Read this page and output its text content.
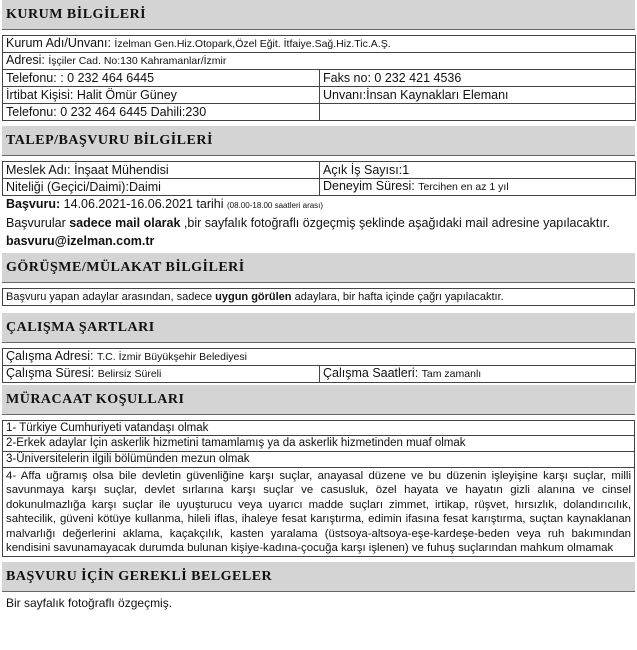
KURUM BİLGİLERİ
Kurum Adı/Unvanı: İzelman Gen.Hiz.Otopark,Özel Eğit. İtfaiye.Sağ.Hiz.Tic.A.Ş.	
Adresi: İşçiler Cad. No:130 Kahramanlar/İzmir	
Telefonu: : 0 232 464 6445	Faks no: 0 232 421 4536
İrtibat Kişisi: Halit Ömür Güney	Unvanı:İnsan Kaynakları Elemanı
Telefonu: 0 232 464 6445 Dahili:230	
TALEP/BAŞVURU BİLGİLERİ
Meslek Adı: İnşaat Mühendisi	Açık İş Sayısı:1
Niteliği (Geçici/Daimi):Daimi	Deneyim Süresi: Tercihen en az 1 yıl
Başvuru: 14.06.2021-16.06.2021 tarihi (08.00-18.00 saatleri arası)
Başvurular sadece mail olarak ,bir sayfalık fotoğraflı özgeçmiş şeklinde aşağıdaki mail adresine yapılacaktır.
basvuru@izelman.com.tr
GÖRÜŞME/MÜLAKAT BİLGİLERİ
Başvuru yapan adaylar arasından, sadece uygun görülen adaylara, bir hafta içinde çağrı yapılacaktır.
ÇALIŞMA ŞARTLARI
Çalışma Adresi: T.C. İzmir Büyükşehir Belediyesi
Çalışma Süresi: Belirsiz Süreli	Çalışma Saatleri: Tam zamanlı
MÜRACAAT KOŞULLARI
1- Türkiye Cumhuriyeti vatandaşı olmak
2-Erkek adaylar İçin askerlik hizmetini tamamlamış ya da askerlik hizmetinden muaf olmak
3-Üniversitelerin ilgili bölümünden mezun olmak
4- Affa uğramış olsa bile devletin güvenliğine karşı suçlar, anayasal düzene ve bu düzenin işleyişine karşı suçlar, milli savunmaya karşı suçlar, devlet sırlarına karşı suçlar ve casusluk, özel hayata ve hayatın gizli alanına ve cinsel dokunulmazlığa karşı suçlar ile uyuşturucu veya uyarıcı madde suçları zimmet, irtikap, rüşvet, hırsızlık, dolandırıcılık, sahtecilik, güveni kötüye kullanma, hileli iflas, ihaleye fesat karıştırma, edimin ifasına fesat karıştırma, suçtan kaynaklanan malvarlığı değerlerini aklama, kaçakçılık, kasten yaralama (üstsoya-altsoya-eşe-kardeşe-beden veya ruh bakımından kendisini savunamayacak durumda bulunan kişiye-kadına-çocuğa karşı işlenen) ve fuhuş suçlarından mahkum olmamak
BAŞVURU İÇİN GEREKLİ BELGELER
Bir sayfalık fotoğraflı özgeçmiş.
